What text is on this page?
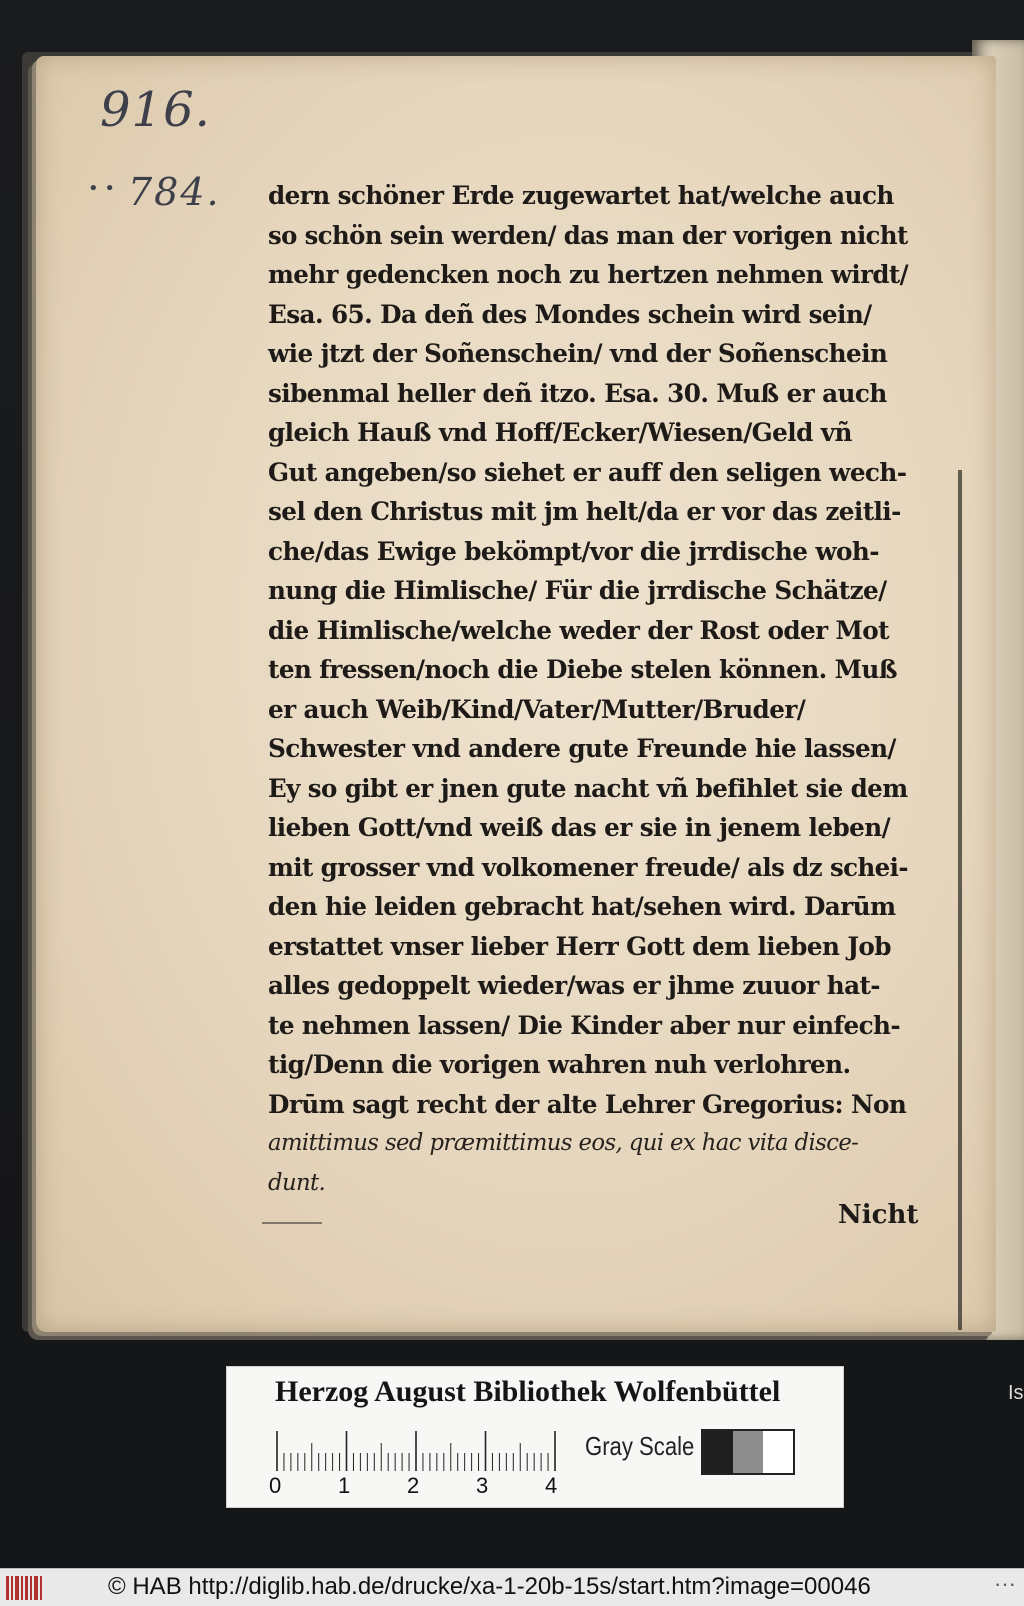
916.
• • 784. dern schöner Erde zugewartet hat/welche auch
so schön sein werden/ das man der vorigen nicht
mehr gedencken noch zu hertzen nehmen wirdt/
Esa. 65. Da deñ des Mondes schein wird sein/
wie jtzt der Soñenschein/ vnd der Soñenschein
sibenmal heller deñ itzo. Esa. 30. Muß er auch
gleich Hauß vnd Hoff/Ecker/Wiesen/Geld vñ
Gut angeben/so siehet er auff den seligen wech-
sel den Christus mit jm helt/da er vor das zeitli-
che/das Ewige bekömpt/vor die jrrdische woh-
nung die Himlische/ Für die jrrdische Schätze/
die Himlische/welche weder der Rost oder Mot
ten fressen/noch die Diebe stelen können. Muß
er auch Weib/Kind/Vater/Mutter/Bruder/
Schwester vnd andere gute Freunde hie lassen/
Ey so gibt er jnen gute nacht vñ befihlet sie dem
lieben Gott/vnd weiß das er sie in jenem leben/
mit grosser vnd volkomener freude/ als dz schei-
den hie leiden gebracht hat/sehen wird. Darūm
erstattet vnser lieber Herr Gott dem lieben Job
alles gedoppelt wieder/was er jhme zuuor hat-
te nehmen lassen/ Die Kinder aber nur einfech-
tig/Denn die vorigen wahren nuh verlohren.
Drūm sagt recht der alte Lehrer Gregorius: Non
amittimus sed præmittimus eos, qui ex hac vita disce-
dunt.
Nicht
Is
Herzog August Bibliothek Wolfenbüttel
0	1	2	3	4
Gray Scale
© HAB http://diglib.hab.de/drucke/xa-1-20b-15s/start.htm?image=00046	···
